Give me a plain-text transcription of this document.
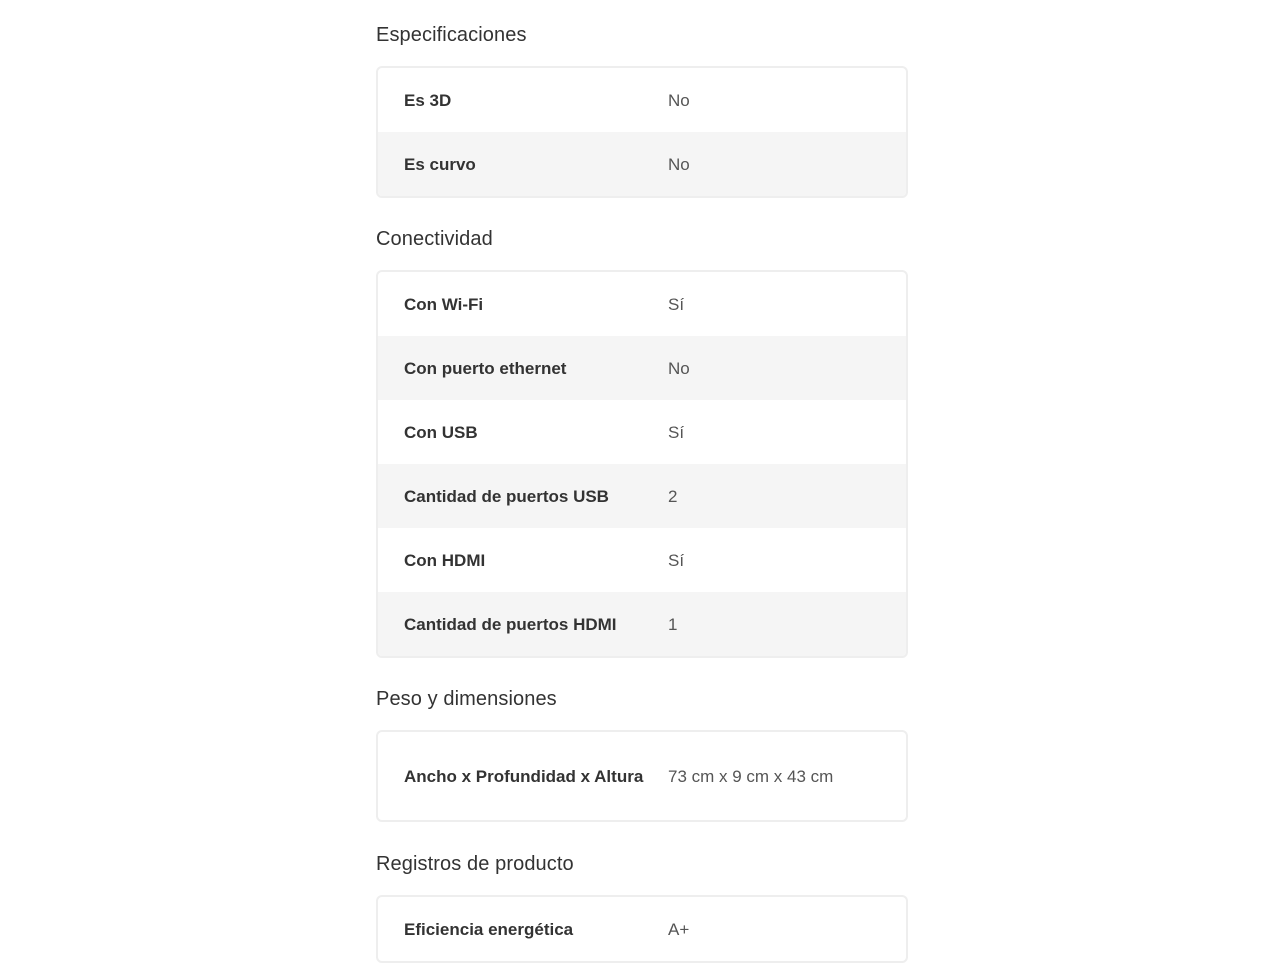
Especificaciones
Es 3D	No
Es curvo	No
Conectividad
Con Wi-Fi	Sí
Con puerto ethernet	No
Con USB	Sí
Cantidad de puertos USB	2
Con HDMI	Sí
Cantidad de puertos HDMI	1
Peso y dimensiones
Ancho x Profundidad x Altura	73 cm x 9 cm x 43 cm
Registros de producto
Eficiencia energética	A+
